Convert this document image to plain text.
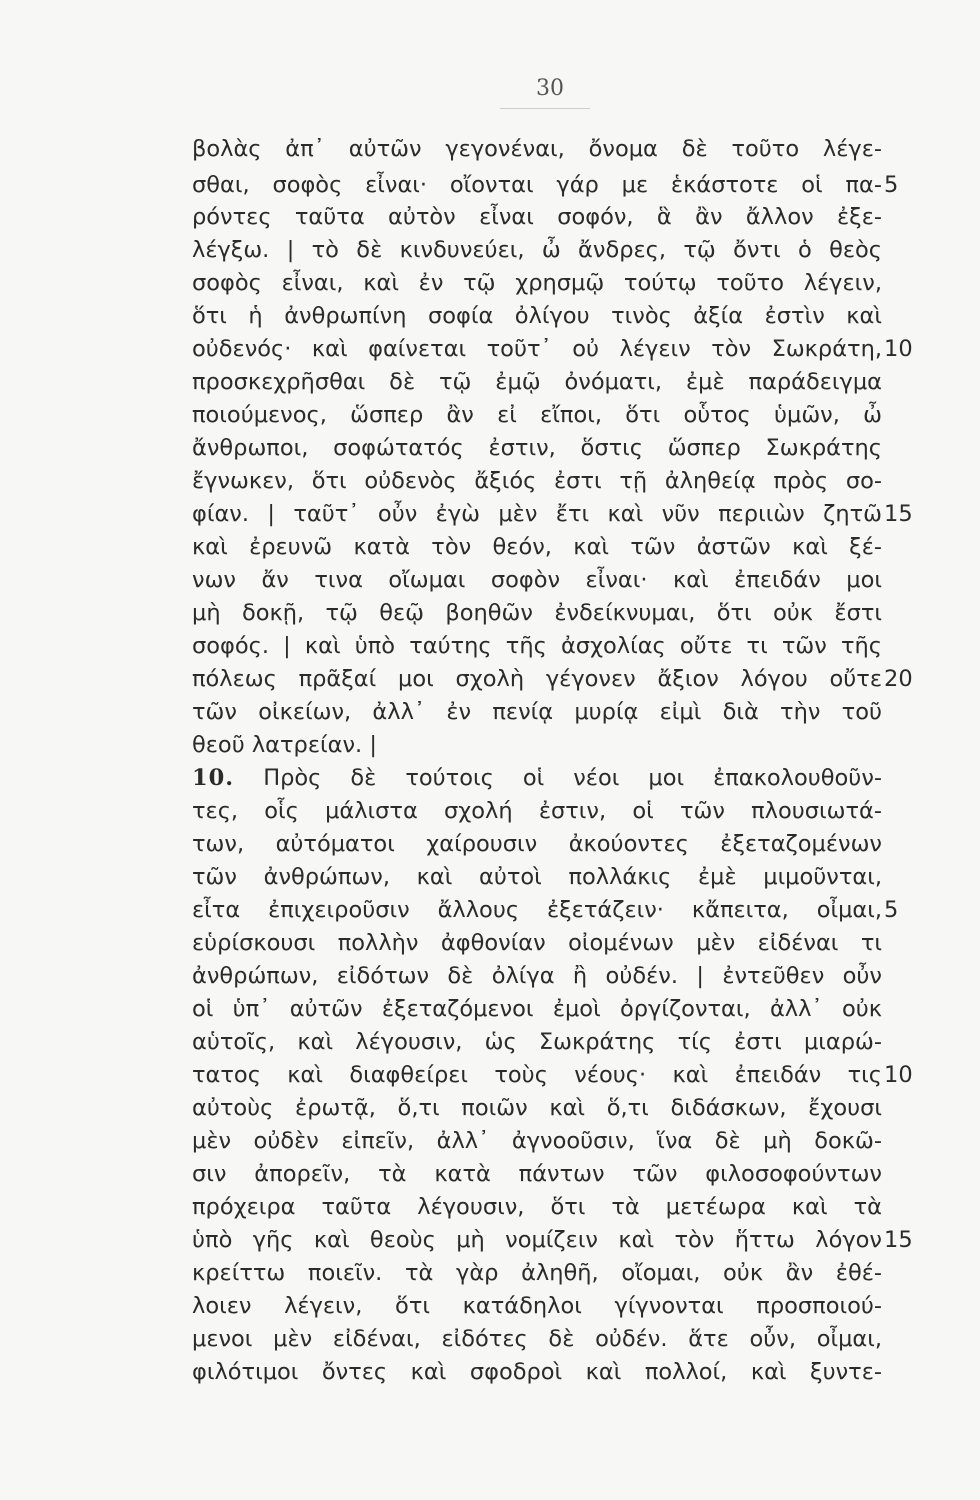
30
βολὰς ἀπ᾽ αὐτῶν γεγονέναι, ὄνομα δὲ τοῦτο λέγε-
σθαι, σοφὸς εἶναι· οἴονται γάρ με ἑκάστοτε οἱ πα- 5
ρόντες ταῦτα αὐτὸν εἶναι σοφόν, ἃ ἂν ἄλλον ἐξε-
λέγξω. | τὸ δὲ κινδυνεύει, ὦ ἄνδρες, τῷ ὄντι ὁ θεὸς
σοφὸς εἶναι, καὶ ἐν τῷ χρησμῷ τούτῳ τοῦτο λέγειν,
ὅτι ἡ ἀνθρωπίνη σοφία ὀλίγου τινὸς ἀξία ἐστὶν καὶ
οὐδενός· καὶ φαίνεται τοῦτ᾽ οὐ λέγειν τὸν Σωκράτη, 10
προσκεχρῆσθαι δὲ τῷ ἐμῷ ὀνόματι, ἐμὲ παράδειγμα
ποιούμενος, ὥσπερ ἂν εἰ εἴποι, ὅτι οὗτος ὑμῶν, ὦ
ἄνθρωποι, σοφώτατός ἐστιν, ὅστις ὥσπερ Σωκράτης
ἔγνωκεν, ὅτι οὐδενὸς ἄξιός ἐστι τῇ ἀληθείᾳ πρὸς σο-
φίαν. | ταῦτ᾽ οὖν ἐγὼ μὲν ἔτι καὶ νῦν περιιὼν ζητῶ 15
καὶ ἐρευνῶ κατὰ τὸν θεόν, καὶ τῶν ἀστῶν καὶ ξέ-
νων ἄν τινα οἴωμαι σοφὸν εἶναι· καὶ ἐπειδάν μοι
μὴ δοκῇ, τῷ θεῷ βοηθῶν ἐνδείκνυμαι, ὅτι οὐκ ἔστι
σοφός. | καὶ ὑπὸ ταύτης τῆς ἀσχολίας οὔτε τι τῶν τῆς
πόλεως πρᾶξαί μοι σχολὴ γέγονεν ἄξιον λόγου οὔτε 20
τῶν οἰκείων, ἀλλ᾽ ἐν πενίᾳ μυρίᾳ εἰμὶ διὰ τὴν τοῦ
θεοῦ λατρείαν. |
10. Πρὸς δὲ τούτοις οἱ νέοι μοι ἐπακολουθοῦν-
τες, οἷς μάλιστα σχολή ἐστιν, οἱ τῶν πλουσιωτά-
των, αὐτόματοι χαίρουσιν ἀκούοντες ἐξεταζομένων
τῶν ἀνθρώπων, καὶ αὐτοὶ πολλάκις ἐμὲ μιμοῦνται,
εἶτα ἐπιχειροῦσιν ἄλλους ἐξετάζειν· κἄπειτα, οἶμαι, 5
εὑρίσκουσι πολλὴν ἀφθονίαν οἰομένων μὲν εἰδέναι τι
ἀνθρώπων, εἰδότων δὲ ὀλίγα ἢ οὐδέν. | ἐντεῦθεν οὖν
οἱ ὑπ᾽ αὐτῶν ἐξεταζόμενοι ἐμοὶ ὀργίζονται, ἀλλ᾽ οὐκ
αὑτοῖς, καὶ λέγουσιν, ὡς Σωκράτης τίς ἐστι μιαρώ-
τατος καὶ διαφθείρει τοὺς νέους· καὶ ἐπειδάν τις 10
αὐτοὺς ἐρωτᾷ, ὅ,τι ποιῶν καὶ ὅ,τι διδάσκων, ἔχουσι
μὲν οὐδὲν εἰπεῖν, ἀλλ᾽ ἀγνοοῦσιν, ἵνα δὲ μὴ δοκῶ-
σιν ἀπορεῖν, τὰ κατὰ πάντων τῶν φιλοσοφούντων
πρόχειρα ταῦτα λέγουσιν, ὅτι τὰ μετέωρα καὶ τὰ
ὑπὸ γῆς καὶ θεοὺς μὴ νομίζειν καὶ τὸν ἥττω λόγον 15
κρείττω ποιεῖν. τὰ γὰρ ἀληθῆ, οἴομαι, οὐκ ἂν ἐθέ-
λοιεν λέγειν, ὅτι κατάδηλοι γίγνονται προσποιού-
μενοι μὲν εἰδέναι, εἰδότες δὲ οὐδέν. ἅτε οὖν, οἶμαι,
φιλότιμοι ὄντες καὶ σφοδροὶ καὶ πολλοί, καὶ ξυντε-
